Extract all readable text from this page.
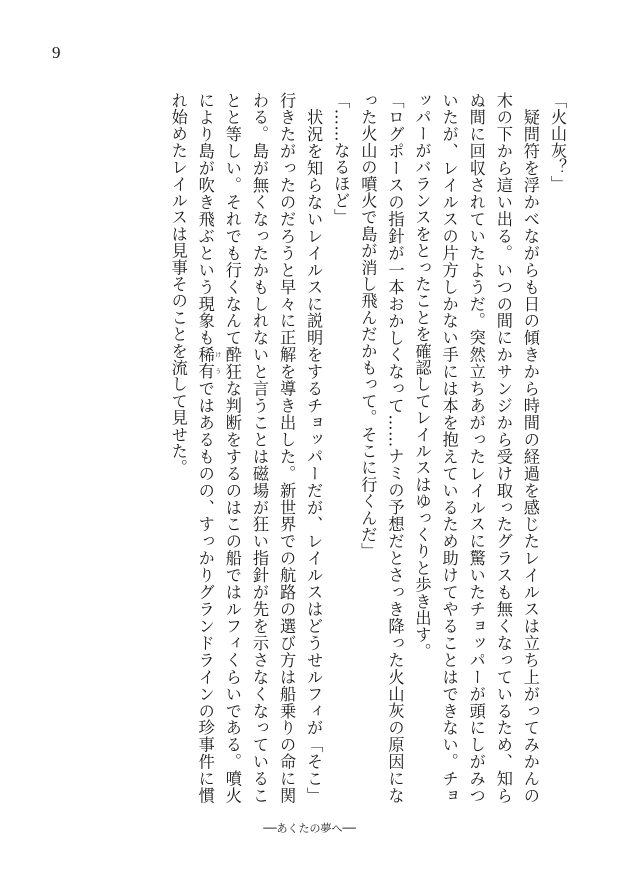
9

「火山灰？」

　疑問符を浮かべながらも日の傾きから時間の経過を感じたレイルスは立ち上がってみかんの木の下から這い出る。いつの間にかサンジから受け取ったグラスも無くなっているため、知らぬ間に回収されていたようだ。突然立ちあがったレイルスに驚いたチョッパーが頭にしがみついたが、レイルスの片方しかない手には本を抱えているため助けてやることはできない。チョッパーがバランスをとったことを確認してレイルスはゆっくりと歩き出す。

「ログポースの指針が一本おかしくなって……ナミの予想だとさっき降った火山灰の原因になった火山の噴火で島が消し飛んだかもって。そこに行くんだ」

「……なるほど」

　状況を知らないレイルスに説明をするチョッパーだが、レイルスはどうせルフィが「そこ」行きたがったのだろうと早々に正解を導き出した。新世界での航路の選び方は船乗りの命に関わる。島が無くなったかもしれないと言うことは磁場が狂い指針が先を示さなくなっていることと等しい。それでも行くなんて酔狂な判断をするのはこの船ではルフィくらいである。噴火により島が吹き飛ぶという現象も稀有 けうではあるものの、すっかりグランドラインの珍事件に慣れ始めたレイルスは見事そのことを流して見せた。

──あくたの夢へ──
